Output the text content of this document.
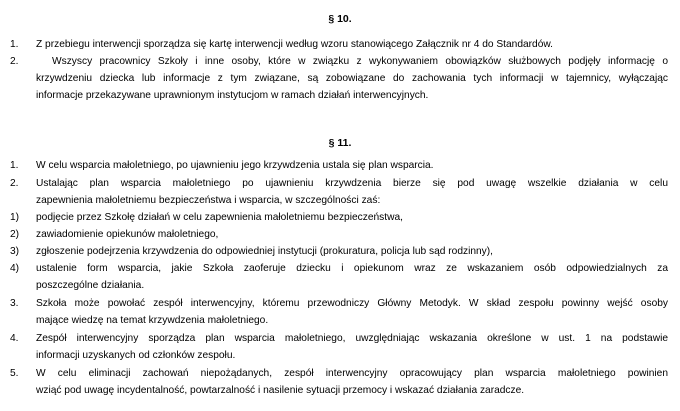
§ 10.
1. Z przebiegu interwencji sporządza się kartę interwencji według wzoru stanowiącego Załącznik nr 4 do Standardów.
2.	Wszyscy pracownicy Szkoły i inne osoby, które w związku z wykonywaniem obowiązków służbowych podjęły informację o
krzywdzeniu dziecka lub informacje z tym związane, są zobowiązane do zachowania tych informacji w tajemnicy, wyłączając
informacje przekazywane uprawnionym instytucjom w ramach działań interwencyjnych.
§ 11.
1. W celu wsparcia małoletniego, po ujawnieniu jego krzywdzenia ustala się plan wsparcia.
2. Ustalając plan wsparcia małoletniego po ujawnieniu krzywdzenia bierze się pod uwagę wszelkie działania w celu
zapewnienia małoletniemu bezpieczeństwa i wsparcia, w szczególności zaś:
1) podjęcie przez Szkołę działań w celu zapewnienia małoletniemu bezpieczeństwa,
2) zawiadomienie opiekunów małoletniego,
3) zgłoszenie podejrzenia krzywdzenia do odpowiedniej instytucji (prokuratura, policja lub sąd rodzinny),
4) ustalenie form wsparcia, jakie Szkoła zaoferuje dziecku i opiekunom wraz ze wskazaniem osób odpowiedzialnych za
poszczególne działania.
3. Szkoła może powołać zespół interwencyjny, któremu przewodniczy Główny Metodyk. W skład zespołu powinny wejść osoby
mające wiedzę na temat krzywdzenia małoletniego.
4. Zespół interwencyjny sporządza plan wsparcia małoletniego, uwzględniając wskazania określone w ust. 1 na podstawie
informacji uzyskanych od członków zespołu.
5. W celu eliminacji zachowań niepożądanych, zespół interwencyjny opracowujący plan wsparcia małoletniego powinien
wziąć pod uwagę incydentalność, powtarzalność i nasilenie sytuacji przemocy i wskazać działania zaradcze.
